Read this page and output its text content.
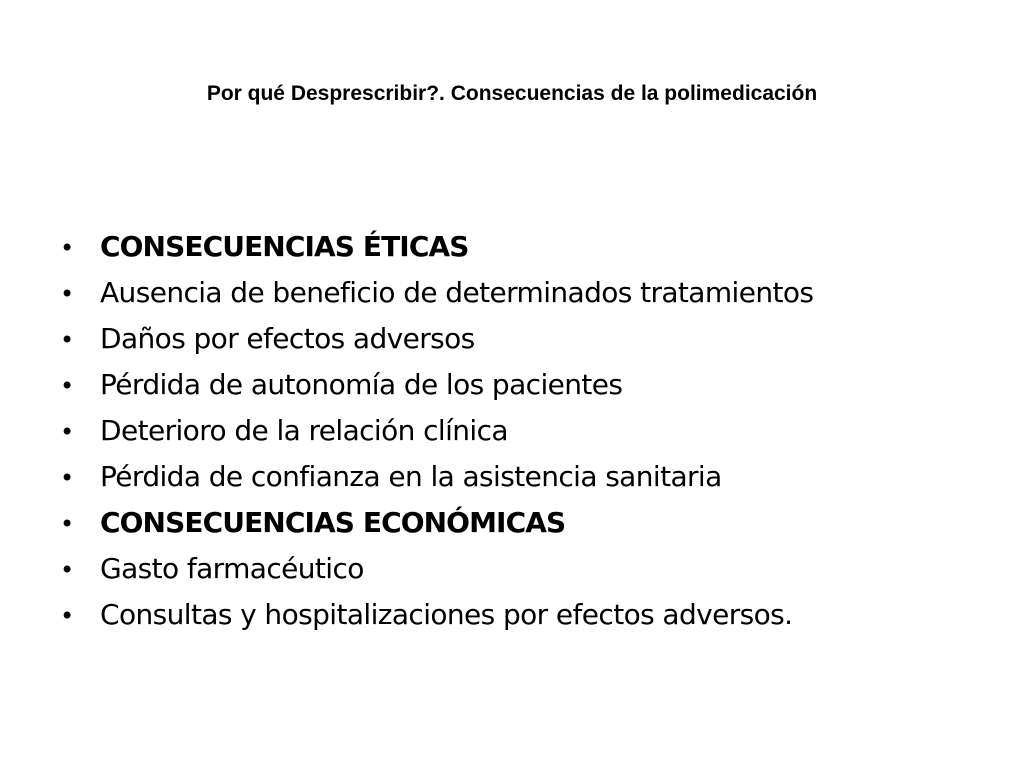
Por qué Desprescribir?. Consecuencias de la polimedicación
• CONSECUENCIAS ÉTICAS
• Ausencia de beneficio de determinados tratamientos
• Daños por efectos adversos
• Pérdida de autonomía de los pacientes
• Deterioro de la relación clínica
• Pérdida de confianza en la asistencia sanitaria
• CONSECUENCIAS ECONÓMICAS
• Gasto farmacéutico
• Consultas y hospitalizaciones por efectos adversos.
